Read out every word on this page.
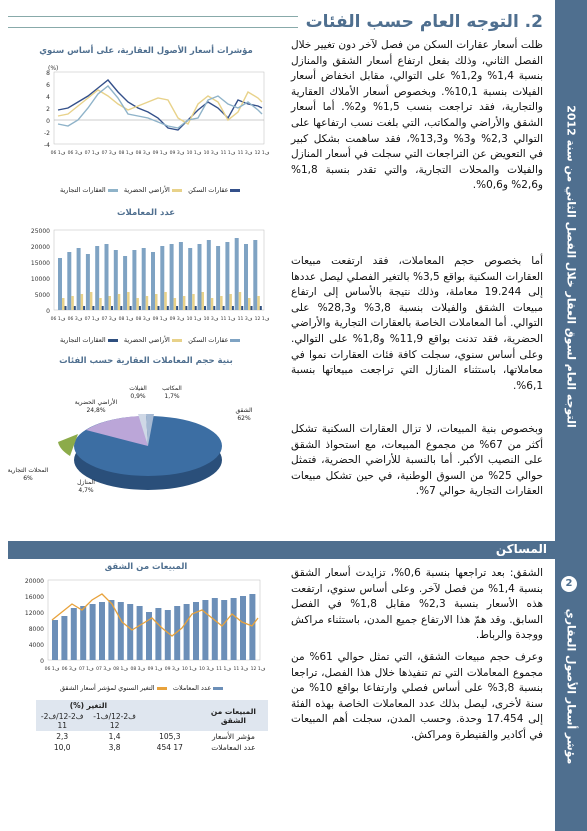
التوجه العام لسوق العقار خلال الفصل الثاني من سنة 2012
مؤشر أسعار الأصول العقاري
2. التوجه العام حسب الفئات
ظلت أسعار عقارات السكن من فصل لآخر دون تغيير خلال الفصل الثاني، وذلك بفعل ارتفاع أسعار الشقق والمنازل بنسبة 1,4% و1,2% على التوالي، مقابل انخفاض أسعار الفيلات بنسبة 10,1%. وبخصوص أسعار الأملاك العقارية والتجارية، فقد تراجعت بنسب 1,5% و2%. أما أسعار الشقق والأراضي والمكاتب، التي بلغت نسب ارتفاعها على التوالي 2,3% و3% و13,3%، فقد ساهمت بشكل كبير في التعويض عن التراجعات التي سجلت في أسعار المنازل والفيلات والمحلات التجارية، والتي تقدر بنسبة 1,8% و2,6% و0,6%.
أما بخصوص حجم المعاملات، فقد ارتفعت مبيعات العقارات السكنية بواقع 3,5% بالتغير الفصلي ليصل عددها إلى 19.244 معاملة، وذلك نتيجة بالأساس إلى ارتفاع مبيعات الشقق والفيلات بنسبة 3,8% و28,3% على التوالي. أما المعاملات الخاصة بالعقارات التجارية والأراضي الحضرية، فقد تدنت بواقع 11,9% و1,8% على التوالي. وعلى أساس سنوي، سجلت كافة فئات العقارات نموا في معاملاتها، باستثناء المنازل التي تراجعت مبيعاتها بنسبة 6,1%.
وبخصوص بنية المبيعات، لا تزال العقارات السكنية تشكل أكثر من 67% من مجموع المبيعات، مع استحواذ الشقق على النصيب الأكبر. أما بالنسبة للأراضي الحضرية، فتمثل حوالي 25% من السوق الوطنية، في حين تشكل مبيعات العقارات التجارية حوالي 7%.
مؤشرات أسعار الأصول العقارية، على أساس سنوي
(%)
8
6
4
2
0
-2
-4
ف1 06 ف3 06 ف1 07 ف3 07 ف1 08 ف3 08 ف1 09 ف3 09 ف1 10 ف3 10 ف1 11 ف3 11 ف1 12
عقارات السكن   الأراضي الحضرية   العقارات التجارية
عدد المعاملات
25000
20000
15000
10000
5000
0
ف1 06 ف3 06 ف1 07 ف3 07 ف1 08 ف3 08 ف1 09 ف3 09 ف1 10 ف3 10 ف1 11 ف3 11 ف1 12
عقارات السكن   الأراضي الحضرية   العقارات التجارية
بنية حجم المعاملات العقارية حسب الفئات
الشقق
62%
الأراضي الحضرية
24,8%
المحلات التجارية
6%
المنازل
4,7%
الفيلات
0,9%
المكاتب
1,7%
المساكن
2
الشقق: بعد تراجعها بنسبة 0,6%، تزايدت أسعار الشقق بنسبة 1,4% من فصل لآخر. وعلى أساس سنوي، ارتفعت هذه الأسعار بنسبة 2,3% مقابل 1,8% في الفصل السابق. وقد همّ هذا الارتفاع جميع المدن، باستثناء مراكش ووجدة والرباط.
وعرف حجم مبيعات الشقق، التي تمثل حوالي 61% من مجموع المعاملات التي تم تنفيذها خلال هذا الفصل، تراجعا بنسبة 3,8% على أساس فصلي وارتفاعا بواقع 10% من سنة لأخرى، ليصل بذلك عدد المعاملات الخاصة بهذه الفئة إلى 17.454 وحدة. وحسب المدن، سجلت أهم المبيعات في أكادير والقنيطرة ومراكش.
المبيعات من الشقق
20000
16000
12000
8000
4000
0
ف1 06 ف3 06 ف1 07 ف3 07 ف1 08 ف3 08 ف1 09 ف3 09 ف1 10 ف3 10 ف1 11 ف3 11 ف1 12
عدد المعاملات   التغير السنوي لمؤشر أسعار الشقق
المبيعات من الشقق		التغير (%)	
		ف2-12/ف1-12	ف2-12/ف2-11
مؤشر الأسعار	105,3	1,4	2,3
عدد المعاملات	17 454	3,8	10,0
